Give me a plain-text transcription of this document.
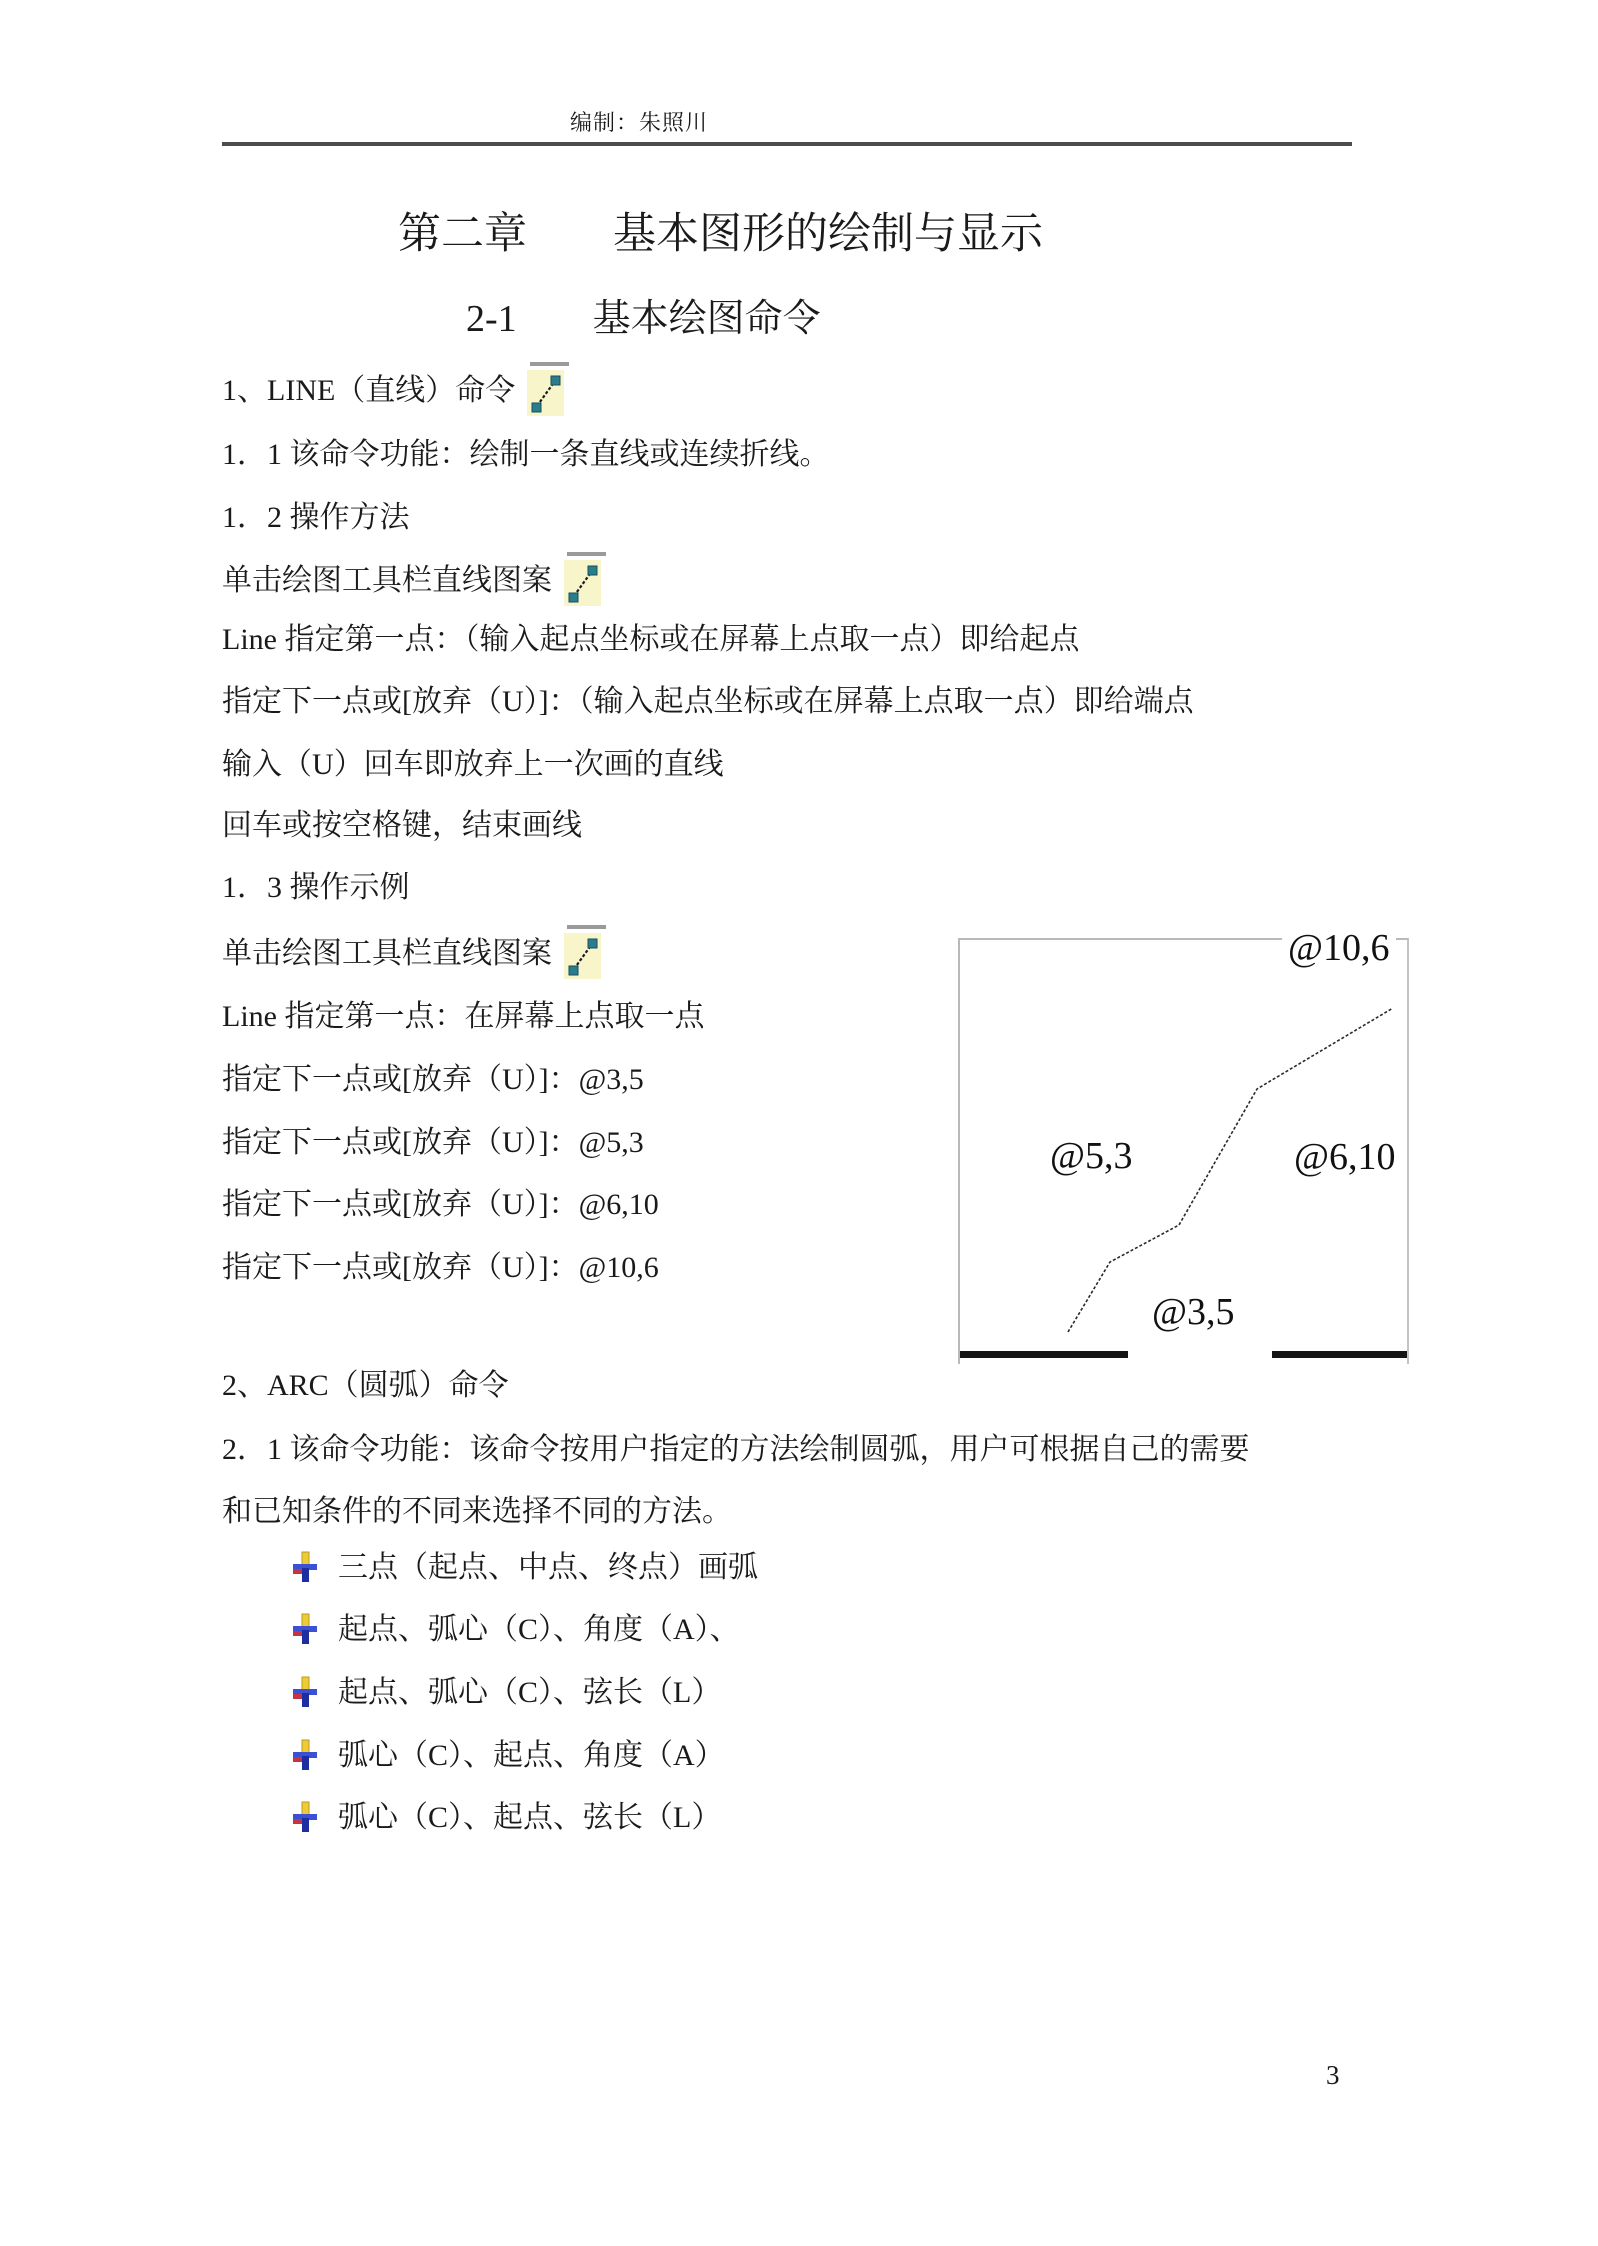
编制：朱照川
第二章　　基本图形的绘制与显示
2-1　　基本绘图命令
1、LINE（直线）命令
1．1 该命令功能：绘制一条直线或连续折线。
1．2 操作方法
单击绘图工具栏直线图案
Line 指定第一点：（输入起点坐标或在屏幕上点取一点）即给起点
指定下一点或[放弃（U）]：（输入起点坐标或在屏幕上点取一点）即给端点
输入（U）回车即放弃上一次画的直线
回车或按空格键，结束画线
1．3 操作示例
单击绘图工具栏直线图案
Line 指定第一点：在屏幕上点取一点
指定下一点或[放弃（U）]：@3,5
指定下一点或[放弃（U）]：@5,3
指定下一点或[放弃（U）]：@6,10
指定下一点或[放弃（U）]：@10,6
@10,6
@5,3	@6,10
@3,5
2、ARC（圆弧）命令
2．1 该命令功能：该命令按用户指定的方法绘制圆弧，用户可根据自己的需要
和已知条件的不同来选择不同的方法。
三点（起点、中点、终点）画弧
起点、弧心（C）、角度（A）、
起点、弧心（C）、弦长（L）
弧心（C）、起点、角度（A）
弧心（C）、起点、弦长（L）
3
